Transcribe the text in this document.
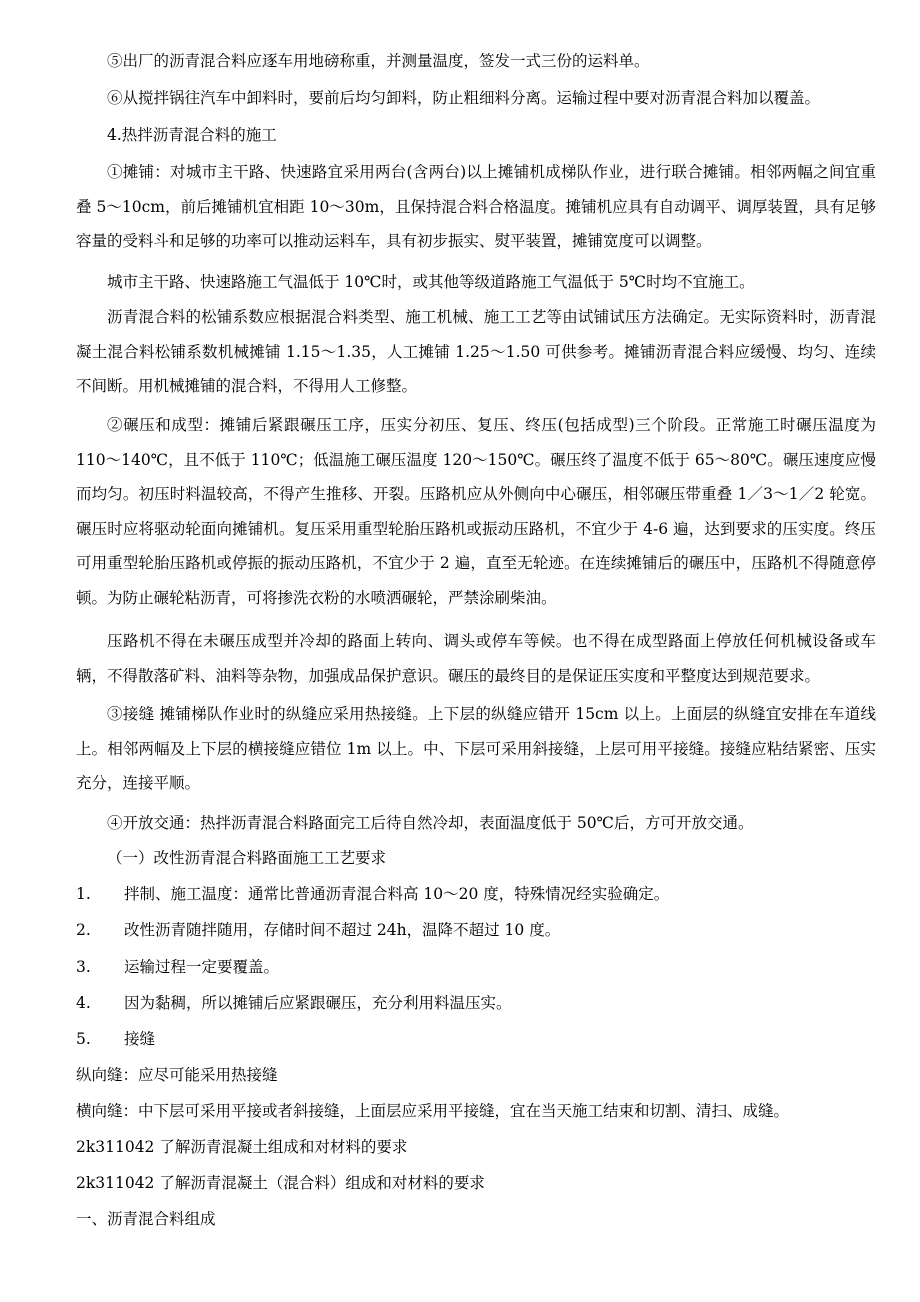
⑤出厂的沥青混合料应逐车用地磅称重，并测量温度，签发一式三份的运料单。

⑥从搅拌锅往汽车中卸料时，要前后均匀卸料，防止粗细料分离。运输过程中要对沥青混合料加以覆盖。

4.热拌沥青混合料的施工

①摊铺：对城市主干路、快速路宜采用两台(含两台)以上摊铺机成梯队作业，进行联合摊铺。相邻两幅之间宜重叠 5～10cm，前后摊铺机宜相距 10～30m，且保持混合料合格温度。摊铺机应具有自动调平、调厚装置，具有足够容量的受料斗和足够的功率可以推动运料车，具有初步振实、熨平装置，摊铺宽度可以调整。

城市主干路、快速路施工气温低于 10℃时，或其他等级道路施工气温低于 5℃时均不宜施工。

沥青混合料的松铺系数应根据混合料类型、施工机械、施工工艺等由试铺试压方法确定。无实际资料时，沥青混凝土混合料松铺系数机械摊铺 1.15～1.35，人工摊铺 1.25～1.50 可供参考。摊铺沥青混合料应缓慢、均匀、连续不间断。用机械摊铺的混合料，不得用人工修整。

②碾压和成型：摊铺后紧跟碾压工序，压实分初压、复压、终压(包括成型)三个阶段。正常施工时碾压温度为 110～140℃，且不低于 110℃；低温施工碾压温度 120～150℃。碾压终了温度不低于 65～80℃。碾压速度应慢而均匀。初压时料温较高，不得产生推移、开裂。压路机应从外侧向中心碾压，相邻碾压带重叠 1／3～1／2 轮宽。碾压时应将驱动轮面向摊铺机。复压采用重型轮胎压路机或振动压路机，不宜少于 4-6 遍，达到要求的压实度。终压可用重型轮胎压路机或停振的振动压路机，不宜少于 2 遍，直至无轮迹。在连续摊铺后的碾压中，压路机不得随意停顿。为防止碾轮粘沥青，可将掺洗衣粉的水喷洒碾轮，严禁涂刷柴油。

压路机不得在未碾压成型并冷却的路面上转向、调头或停车等候。也不得在成型路面上停放任何机械设备或车辆，不得散落矿料、油料等杂物，加强成品保护意识。碾压的最终目的是保证压实度和平整度达到规范要求。

③接缝 摊铺梯队作业时的纵缝应采用热接缝。上下层的纵缝应错开 15cm 以上。上面层的纵缝宜安排在车道线上。相邻两幅及上下层的横接缝应错位 1m 以上。中、下层可采用斜接缝，上层可用平接缝。接缝应粘结紧密、压实充分，连接平顺。

④开放交通：热拌沥青混合料路面完工后待自然冷却，表面温度低于 50℃后，方可开放交通。

（一）改性沥青混合料路面施工工艺要求

1. 拌制、施工温度：通常比普通沥青混合料高 10～20 度，特殊情况经实验确定。
2. 改性沥青随拌随用，存储时间不超过 24h，温降不超过 10 度。
3. 运输过程一定要覆盖。
4. 因为黏稠，所以摊铺后应紧跟碾压，充分利用料温压实。
5. 接缝

纵向缝：应尽可能采用热接缝

横向缝：中下层可采用平接或者斜接缝，上面层应采用平接缝，宜在当天施工结束和切割、清扫、成缝。

2k311042 了解沥青混凝土组成和对材料的要求

2k311042 了解沥青混凝土（混合料）组成和对材料的要求

一、沥青混合料组成
